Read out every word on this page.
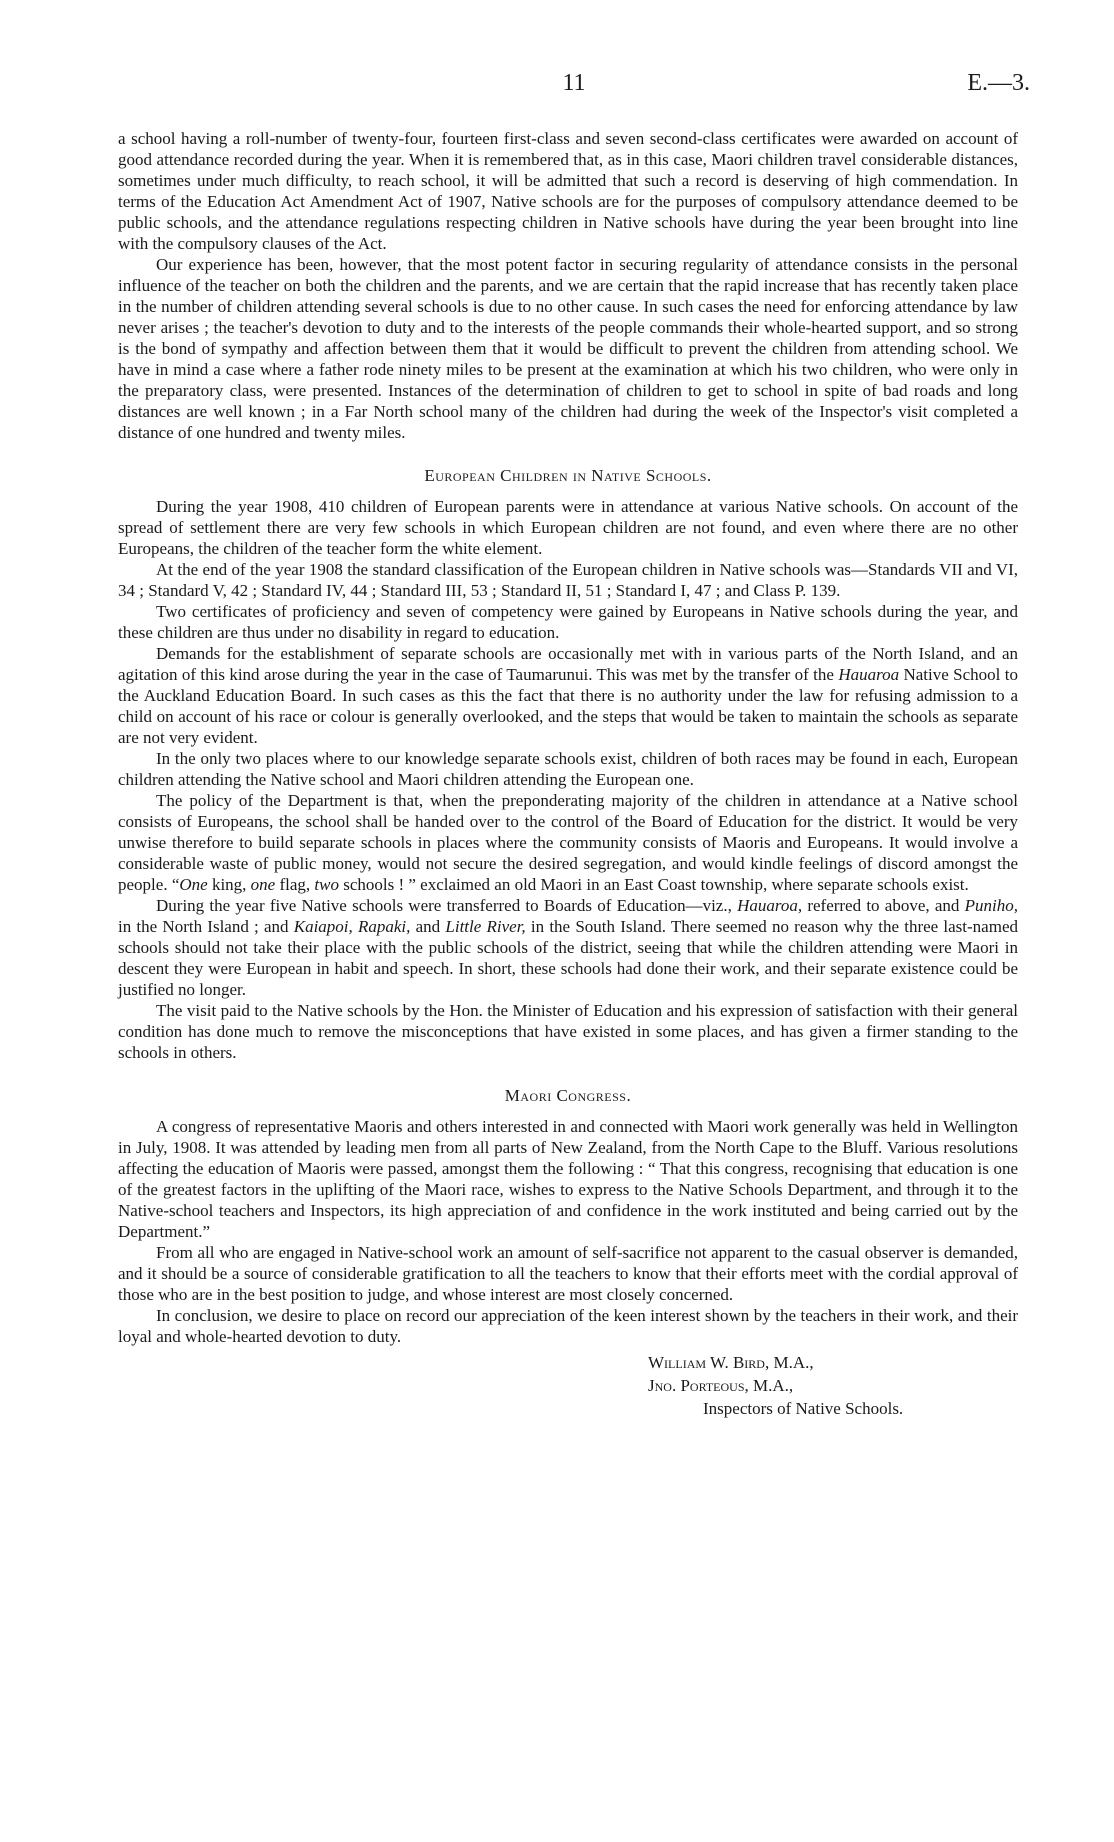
11	E.—3.

a school having a roll-number of twenty-four, fourteen first-class and seven second-class certificates were awarded on account of good attendance recorded during the year. When it is remembered that, as in this case, Maori children travel considerable distances, sometimes under much difficulty, to reach school, it will be admitted that such a record is deserving of high commendation. In terms of the Education Act Amendment Act of 1907, Native schools are for the purposes of compulsory attendance deemed to be public schools, and the attendance regulations respecting children in Native schools have during the year been brought into line with the compulsory clauses of the Act.

Our experience has been, however, that the most potent factor in securing regularity of attendance consists in the personal influence of the teacher on both the children and the parents, and we are certain that the rapid increase that has recently taken place in the number of children attending several schools is due to no other cause. In such cases the need for enforcing attendance by law never arises ; the teacher's devotion to duty and to the interests of the people commands their whole-hearted support, and so strong is the bond of sympathy and affection between them that it would be difficult to prevent the children from attending school. We have in mind a case where a father rode ninety miles to be present at the examination at which his two children, who were only in the preparatory class, were presented. Instances of the determination of children to get to school in spite of bad roads and long distances are well known ; in a Far North school many of the children had during the week of the Inspector's visit completed a distance of one hundred and twenty miles.

European Children in Native Schools.

During the year 1908, 410 children of European parents were in attendance at various Native schools. On account of the spread of settlement there are very few schools in which European children are not found, and even where there are no other Europeans, the children of the teacher form the white element.

At the end of the year 1908 the standard classification of the European children in Native schools was—Standards VII and VI, 34 ; Standard V, 42 ; Standard IV, 44 ; Standard III, 53 ; Standard II, 51 ; Standard I, 47 ; and Class P. 139.

Two certificates of proficiency and seven of competency were gained by Europeans in Native schools during the year, and these children are thus under no disability in regard to education.

Demands for the establishment of separate schools are occasionally met with in various parts of the North Island, and an agitation of this kind arose during the year in the case of Taumarunui. This was met by the transfer of the Hauaroa Native School to the Auckland Education Board. In such cases as this the fact that there is no authority under the law for refusing admission to a child on account of his race or colour is generally overlooked, and the steps that would be taken to maintain the schools as separate are not very evident.

In the only two places where to our knowledge separate schools exist, children of both races may be found in each, European children attending the Native school and Maori children attending the European one.

The policy of the Department is that, when the preponderating majority of the children in attendance at a Native school consists of Europeans, the school shall be handed over to the control of the Board of Education for the district. It would be very unwise therefore to build separate schools in places where the community consists of Maoris and Europeans. It would involve a considerable waste of public money, would not secure the desired segregation, and would kindle feelings of discord amongst the people. “One king, one flag, two schools ! ” exclaimed an old Maori in an East Coast township, where separate schools exist.

During the year five Native schools were transferred to Boards of Education—viz., Hauaroa, referred to above, and Puniho, in the North Island ; and Kaiapoi, Rapaki, and Little River, in the South Island. There seemed no reason why the three last-named schools should not take their place with the public schools of the district, seeing that while the children attending were Maori in descent they were European in habit and speech. In short, these schools had done their work, and their separate existence could be justified no longer.

The visit paid to the Native schools by the Hon. the Minister of Education and his expression of satisfaction with their general condition has done much to remove the misconceptions that have existed in some places, and has given a firmer standing to the schools in others.

Maori Congress.

A congress of representative Maoris and others interested in and connected with Maori work generally was held in Wellington in July, 1908. It was attended by leading men from all parts of New Zealand, from the North Cape to the Bluff. Various resolutions affecting the education of Maoris were passed, amongst them the following : “ That this congress, recognising that education is one of the greatest factors in the uplifting of the Maori race, wishes to express to the Native Schools Department, and through it to the Native-school teachers and Inspectors, its high appreciation of and confidence in the work instituted and being carried out by the Department.”

From all who are engaged in Native-school work an amount of self-sacrifice not apparent to the casual observer is demanded, and it should be a source of considerable gratification to all the teachers to know that their efforts meet with the cordial approval of those who are in the best position to judge, and whose interest are most closely concerned.

In conclusion, we desire to place on record our appreciation of the keen interest shown by the teachers in their work, and their loyal and whole-hearted devotion to duty.

William W. Bird, M.A.,
Jno. Porteous, M.A.,
Inspectors of Native Schools.
